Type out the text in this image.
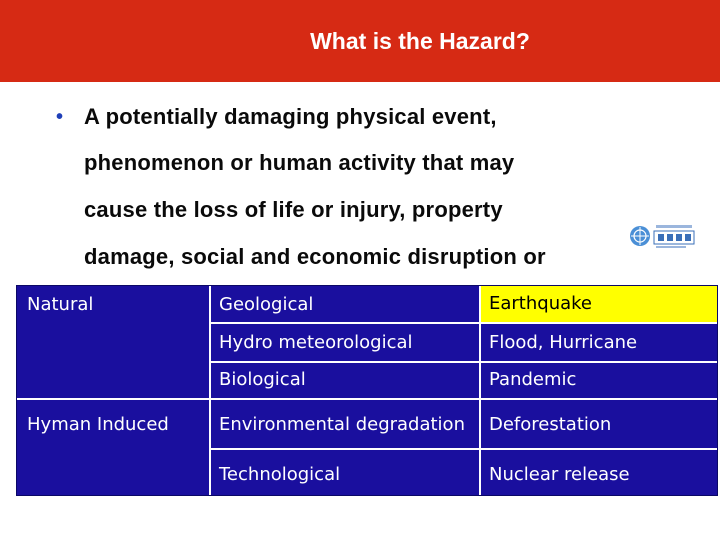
What is the Hazard?
• A potentially damaging physical event,
phenomenon or human activity that may
cause the loss of life or injury, property
damage, social and economic disruption or
Natural
Hyman Induced
Geological
Hydro meteorological
Biological
Environmental degradation
Technological
Earthquake
Flood, Hurricane
Pandemic
Deforestation
Nuclear release
